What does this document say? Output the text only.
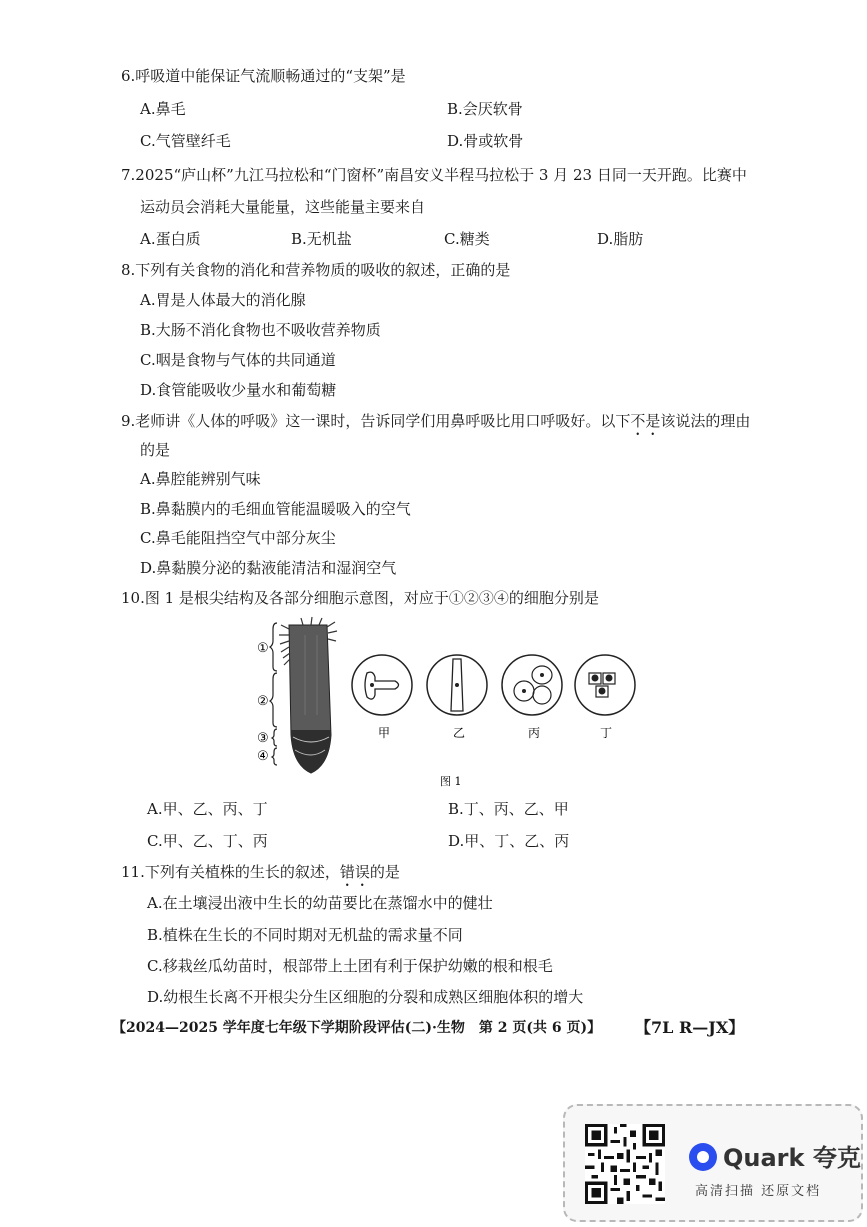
6.呼吸道中能保证气流顺畅通过的“支架”是
A.鼻毛	B.会厌软骨
C.气管壁纤毛	D.骨或软骨
7.2025“庐山杯”九江马拉松和“门窗杯”南昌安义半程马拉松于 3 月 23 日同一天开跑。比赛中
运动员会消耗大量能量，这些能量主要来自
A.蛋白质	B.无机盐	C.糖类	D.脂肪
8.下列有关食物的消化和营养物质的吸收的叙述，正确的是
A.胃是人体最大的消化腺
B.大肠不消化食物也不吸收营养物质
C.咽是食物与气体的共同通道
D.食管能吸收少量水和葡萄糖
9.老师讲《人体的呼吸》这一课时，告诉同学们用鼻呼吸比用口呼吸好。以下不是该说法的理由
的是
A.鼻腔能辨别气味
B.鼻黏膜内的毛细血管能温暖吸入的空气
C.鼻毛能阻挡空气中部分灰尘
D.鼻黏膜分泌的黏液能清洁和湿润空气
10.图 1 是根尖结构及各部分细胞示意图，对应于①②③④的细胞分别是
①
②
③
④
甲	乙	丙	丁
图 1
A.甲、乙、丙、丁	B.丁、丙、乙、甲
C.甲、乙、丁、丙	D.甲、丁、乙、丙
11.下列有关植株的生长的叙述，错误的是
A.在土壤浸出液中生长的幼苗要比在蒸馏水中的健壮
B.植株在生长的不同时期对无机盐的需求量不同
C.移栽丝瓜幼苗时，根部带上土团有利于保护幼嫩的根和根毛
D.幼根生长离不开根尖分生区细胞的分裂和成熟区细胞体积的增大
【2024—2025 学年度七年级下学期阶段评估(二)·生物　第 2 页(共 6 页)】 【7L R—JX】
Quark 夸克
高清扫描 还原文档
